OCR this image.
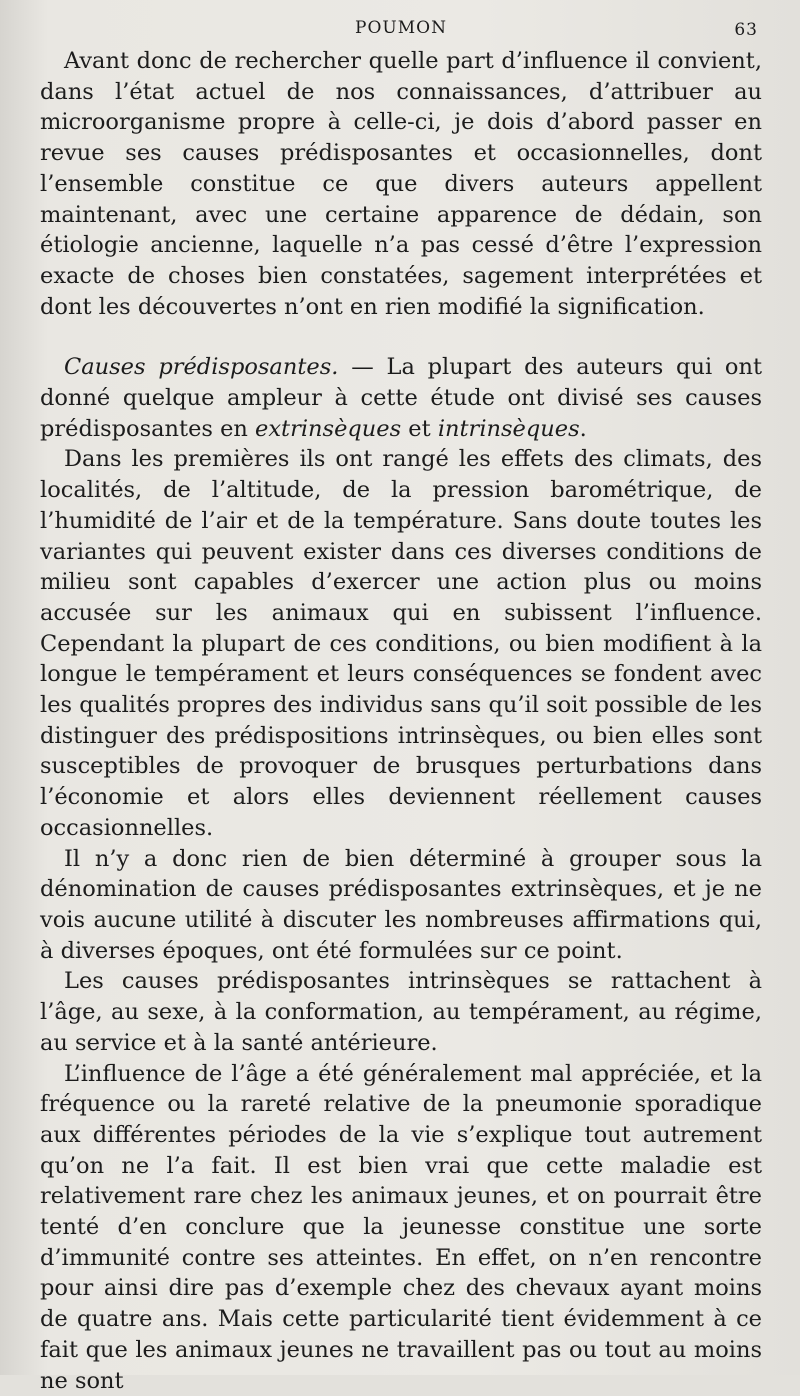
POUMON	63

Avant donc de rechercher quelle part d’influence il convient, dans l’état actuel de nos connaissances, d’attribuer au microorganisme propre à celle-ci, je dois d’abord passer en revue ses causes prédisposantes et occasionnelles, dont l’ensemble constitue ce que divers auteurs appellent maintenant, avec une certaine apparence de dédain, son étiologie ancienne, laquelle n’a pas cessé d’être l’expression exacte de choses bien constatées, sagement interprétées et dont les découvertes n’ont en rien modifié la signification.

Causes prédisposantes. — La plupart des auteurs qui ont donné quelque ampleur à cette étude ont divisé ses causes prédisposantes en extrinsèques et intrinsèques.

Dans les premières ils ont rangé les effets des climats, des localités, de l’altitude, de la pression barométrique, de l’humidité de l’air et de la température. Sans doute toutes les variantes qui peuvent exister dans ces diverses conditions de milieu sont capables d’exercer une action plus ou moins accusée sur les animaux qui en subissent l’influence. Cependant la plupart de ces conditions, ou bien modifient à la longue le tempérament et leurs conséquences se fondent avec les qualités propres des individus sans qu’il soit possible de les distinguer des prédispositions intrinsèques, ou bien elles sont susceptibles de provoquer de brusques perturbations dans l’économie et alors elles deviennent réellement causes occasionnelles.

Il n’y a donc rien de bien déterminé à grouper sous la dénomination de causes prédisposantes extrinsèques, et je ne vois aucune utilité à discuter les nombreuses affirmations qui, à diverses époques, ont été formulées sur ce point.

Les causes prédisposantes intrinsèques se rattachent à l’âge, au sexe, à la conformation, au tempérament, au régime, au service et à la santé antérieure.

L’influence de l’âge a été généralement mal appréciée, et la fréquence ou la rareté relative de la pneumonie sporadique aux différentes périodes de la vie s’explique tout autrement qu’on ne l’a fait. Il est bien vrai que cette maladie est relativement rare chez les animaux jeunes, et on pourrait être tenté d’en conclure que la jeunesse constitue une sorte d’immunité contre ses atteintes. En effet, on n’en rencontre pour ainsi dire pas d’exemple chez des chevaux ayant moins de quatre ans. Mais cette particularité tient évidemment à ce fait que les animaux jeunes ne travaillent pas ou tout au moins ne sont
